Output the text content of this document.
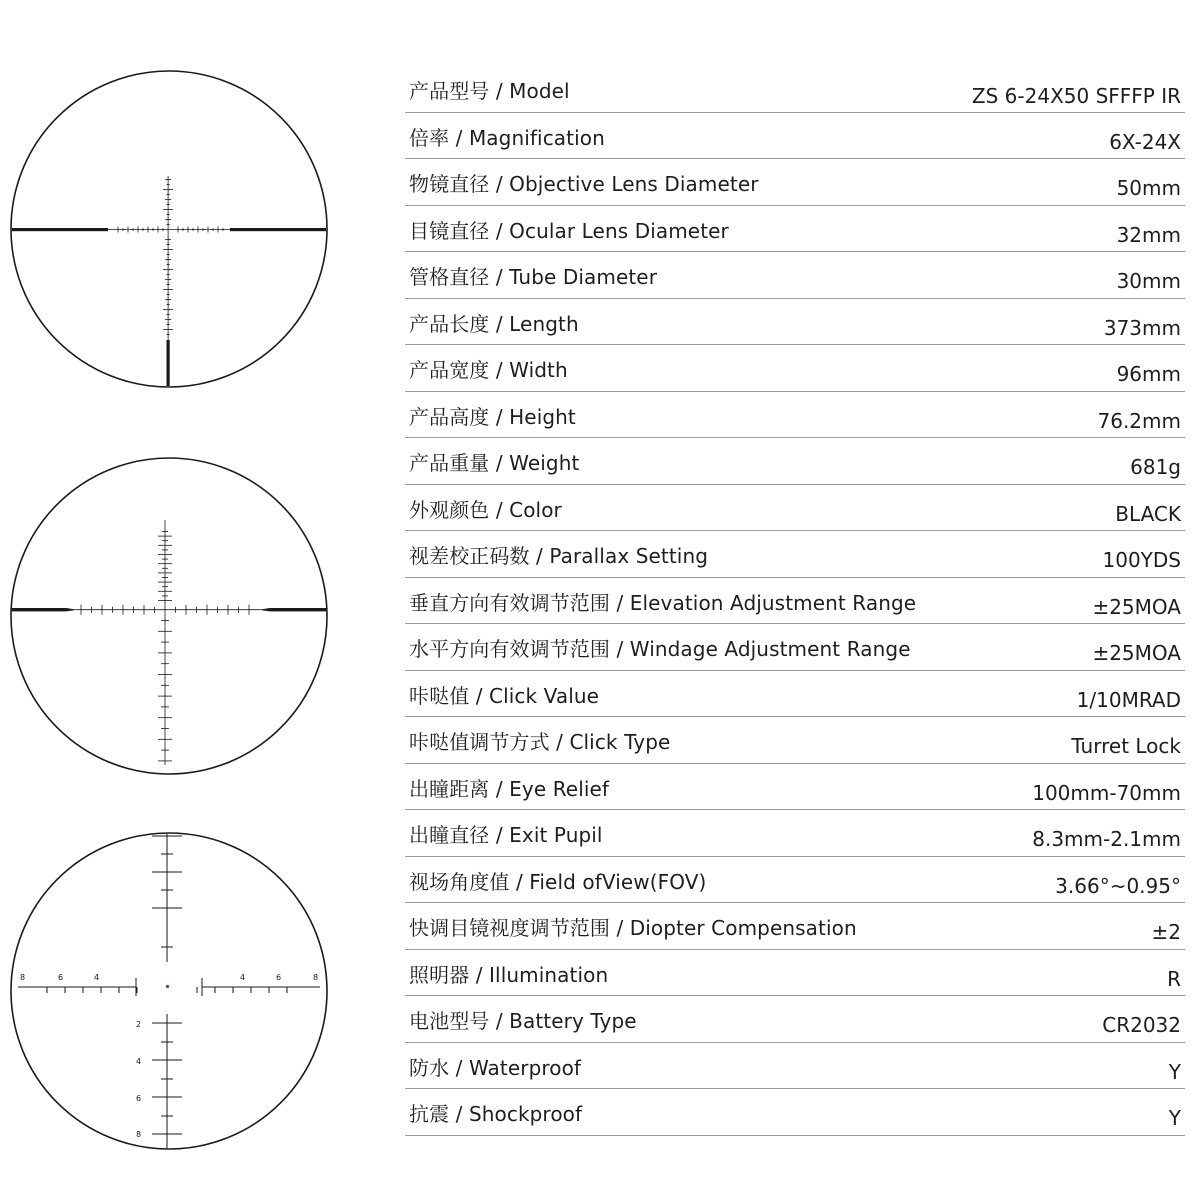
8	6	4	4	6	8
2
4
6
8
产品型号 / Model	ZS 6-24X50 SFFFP IR
倍率 / Magnification	6X-24X
物镜直径 / Objective Lens Diameter	50mm
目镜直径 / Ocular Lens Diameter	32mm
管格直径 / Tube Diameter	30mm
产品长度 / Length	373mm
产品宽度 / Width	96mm
产品高度 / Height	76.2mm
产品重量 / Weight	681g
外观颜色 / Color	BLACK
视差校正码数 / Parallax Setting	100YDS
垂直方向有效调节范围 / Elevation Adjustment Range	±25MOA
水平方向有效调节范围 / Windage Adjustment Range	±25MOA
咔哒值 / Click Value	1/10MRAD
咔哒值调节方式 / Click Type	Turret Lock
出瞳距离 / Eye Relief	100mm-70mm
出瞳直径 / Exit Pupil	8.3mm-2.1mm
视场角度值 / Field ofView(FOV)	3.66°~0.95°
快调目镜视度调节范围 / Diopter Compensation	±2
照明器 / Illumination	R
电池型号 / Battery Type	CR2032
防水 / Waterproof	Y
抗震 / Shockproof	Y
